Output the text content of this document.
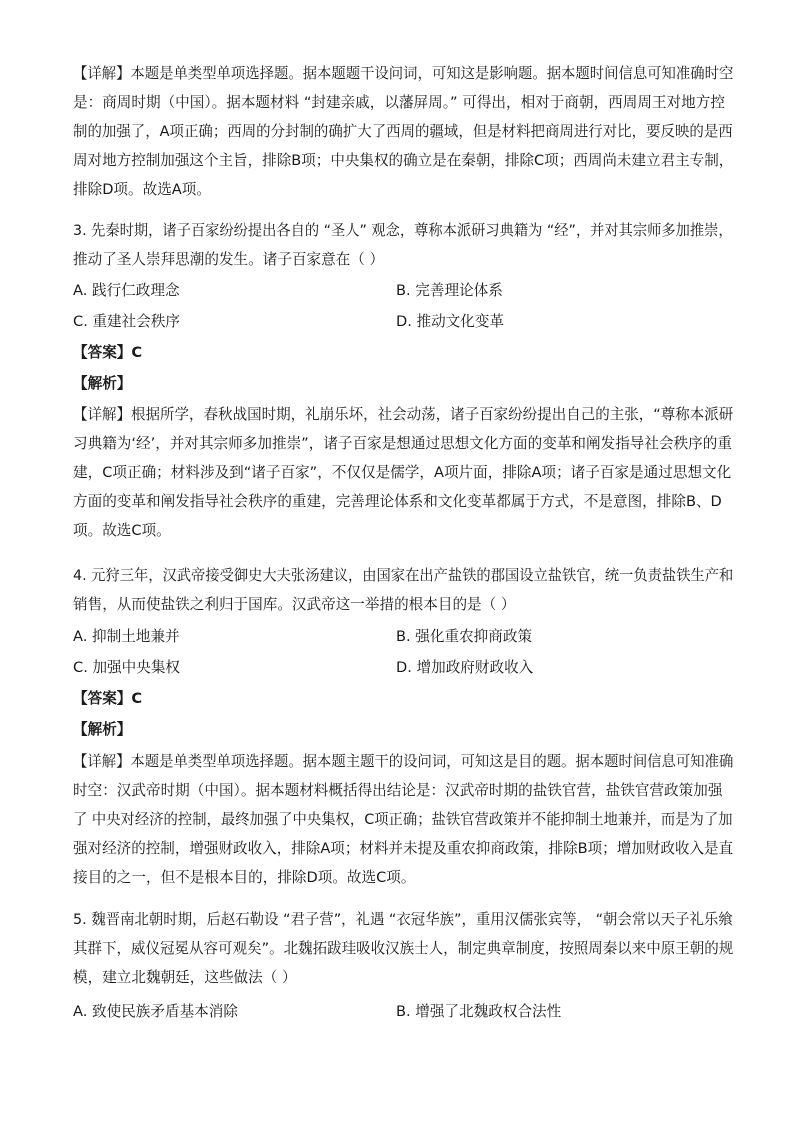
【详解】本题是单类型单项选择题。据本题题干设问词，可知这是影响题。据本题时间信息可知准确时空
是：商周时期（中国）。据本题材料 “封建亲戚，以藩屏周。” 可得出，相对于商朝，西周周王对地方控
制的加强了，A项正确；西周的分封制的确扩大了西周的疆域，但是材料把商周进行对比，要反映的是西
周对地方控制加强这个主旨，排除B项；中央集权的确立是在秦朝，排除C项；西周尚未建立君主专制，
排除D项。故选A项。
3. 先秦时期，诸子百家纷纷提出各自的 “圣人” 观念，尊称本派研习典籍为 “经”，并对其宗师多加推崇，
推动了圣人崇拜思潮的发生。诸子百家意在（ ）
A. 践行仁政理念	B. 完善理论体系
C. 重建社会秩序	D. 推动文化变革
【答案】C
【解析】
【详解】根据所学，春秋战国时期，礼崩乐坏，社会动荡，诸子百家纷纷提出自己的主张，“尊称本派研
习典籍为‘经’，并对其宗师多加推崇”，诸子百家是想通过思想文化方面的变革和阐发指导社会秩序的重
建，C项正确；材料涉及到“诸子百家”，不仅仅是儒学，A项片面，排除A项；诸子百家是通过思想文化
方面的变革和阐发指导社会秩序的重建，完善理论体系和文化变革都属于方式，不是意图，排除B、D
项。故选C项。
4. 元狩三年，汉武帝接受御史大夫张汤建议，由国家在出产盐铁的郡国设立盐铁官，统一负责盐铁生产和
销售，从而使盐铁之利归于国库。汉武帝这一举措的根本目的是（ ）
A. 抑制土地兼并	B. 强化重农抑商政策
C. 加强中央集权	D. 增加政府财政收入
【答案】C
【解析】
【详解】本题是单类型单项选择题。据本题主题干的设问词，可知这是目的题。据本题时间信息可知准确
时空：汉武帝时期（中国）。据本题材料概括得出结论是：汉武帝时期的盐铁官营，盐铁官营政策加强
了 中央对经济的控制，最终加强了中央集权，C项正确；盐铁官营政策并不能抑制土地兼并，而是为了加
强对经济的控制，增强财政收入，排除A项；材料并未提及重农抑商政策，排除B项；增加财政收入是直
接目的之一，但不是根本目的，排除D项。故选C项。
5. 魏晋南北朝时期，后赵石勒设 “君子营”，礼遇 “衣冠华族”，重用汉儒张宾等， “朝会常以天子礼乐飨
其群下，威仪冠冕从容可观矣”。北魏拓跋珪吸收汉族士人，制定典章制度，按照周秦以来中原王朝的规
模，建立北魏朝廷，这些做法（ ）
A. 致使民族矛盾基本消除	B. 增强了北魏政权合法性
